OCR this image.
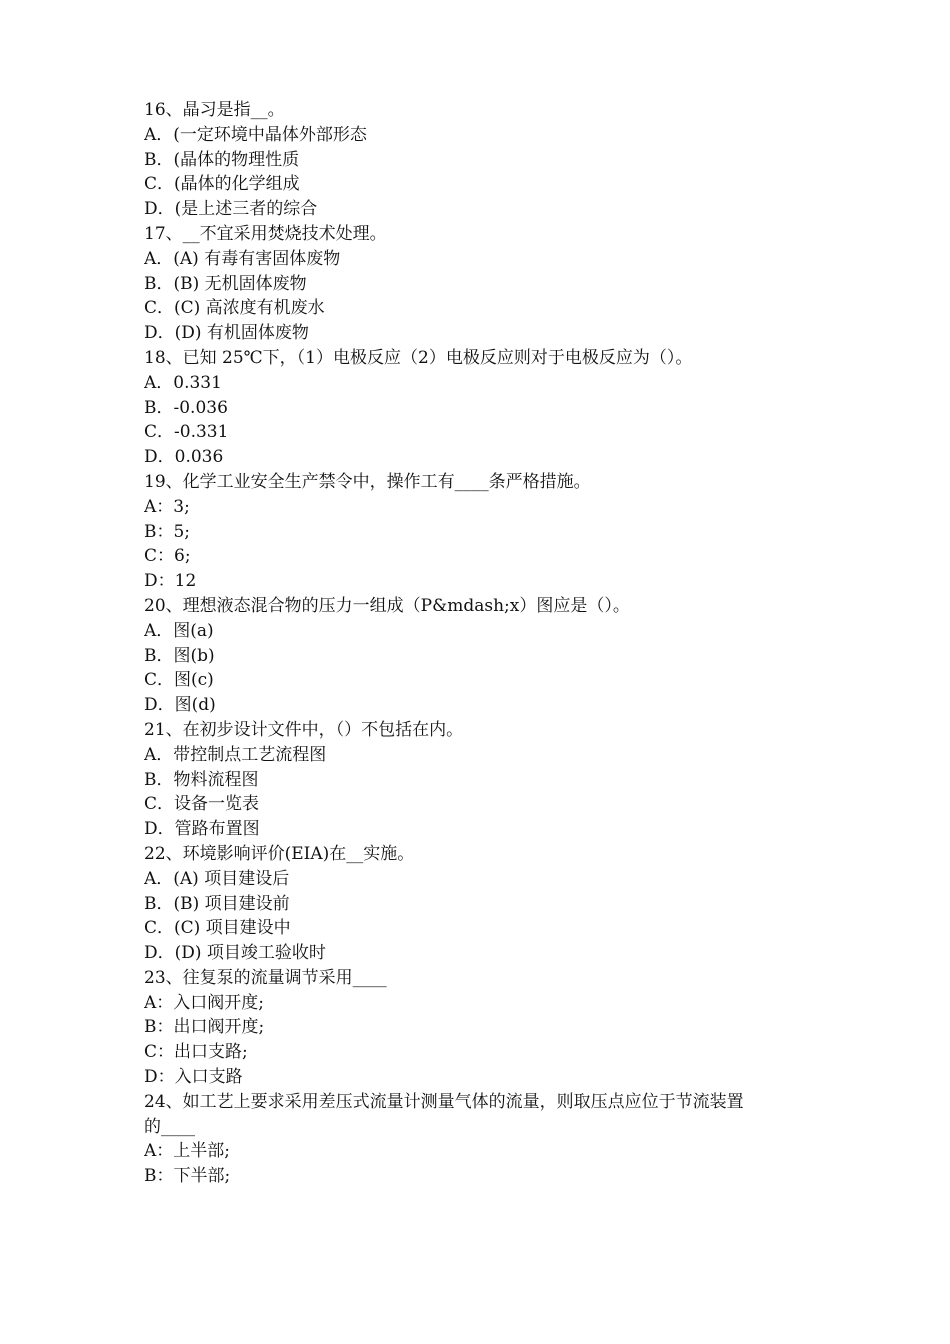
16、晶习是指__。
A．(一定环境中晶体外部形态
B．(晶体的物理性质
C．(晶体的化学组成
D．(是上述三者的综合
17、__不宜采用焚烧技术处理。
A．(A) 有毒有害固体废物
B．(B) 无机固体废物
C．(C) 高浓度有机废水
D．(D) 有机固体废物
18、已知 25℃下，（1）电极反应（2）电极反应则对于电极反应为（）。
A．0.331
B．-0.036
C．-0.331
D．0.036
19、化学工业安全生产禁令中，操作工有____条严格措施。
A：3;
B：5;
C：6;
D：12
20、理想液态混合物的压力一组成（P&mdash;x）图应是（）。
A．图(a)
B．图(b)
C．图(c)
D．图(d)
21、在初步设计文件中，（）不包括在内。
A．带控制点工艺流程图
B．物料流程图
C．设备一览表
D．管路布置图
22、环境影响评价(EIA)在__实施。
A．(A) 项目建设后
B．(B) 项目建设前
C．(C) 项目建设中
D．(D) 项目竣工验收时
23、往复泵的流量调节采用____
A：入口阀开度;
B：出口阀开度;
C：出口支路;
D：入口支路
24、如工艺上要求采用差压式流量计测量气体的流量，则取压点应位于节流装置
的____
A：上半部;
B：下半部;
